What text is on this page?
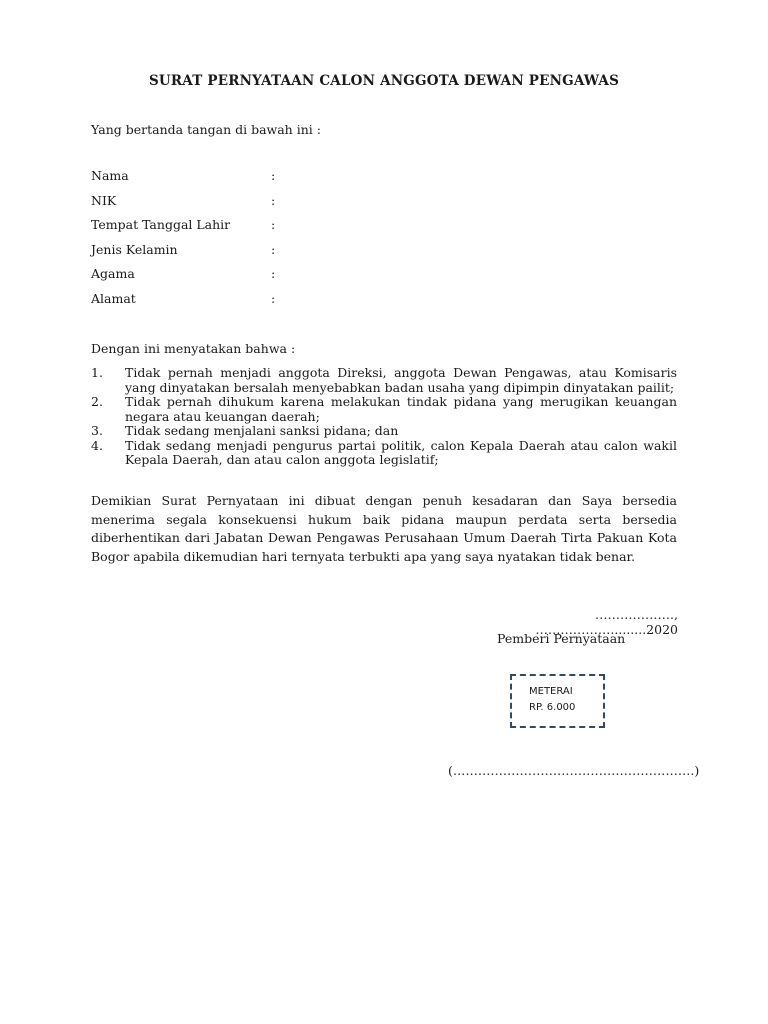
SURAT PERNYATAAN CALON ANGGOTA DEWAN PENGAWAS
Yang bertanda tangan di bawah ini :
Nama	:
NIK	:
Tempat Tanggal Lahir	:
Jenis Kelamin	:
Agama	:
Alamat	:
Dengan ini menyatakan bahwa :
1. Tidak pernah menjadi anggota Direksi, anggota Dewan Pengawas, atau Komisaris yang dinyatakan bersalah menyebabkan badan usaha yang dipimpin dinyatakan pailit;
2. Tidak pernah dihukum karena melakukan tindak pidana yang merugikan keuangan negara atau keuangan daerah;
3. Tidak sedang menjalani sanksi pidana; dan
4. Tidak sedang menjadi pengurus partai politik, calon Kepala Daerah atau calon wakil Kepala Daerah, dan atau calon anggota legislatif;
Demikian Surat Pernyataan ini dibuat dengan penuh kesadaran dan Saya bersedia menerima segala konsekuensi hukum baik pidana maupun perdata serta bersedia diberhentikan dari Jabatan Dewan Pengawas Perusahaan Umum Daerah Tirta Pakuan Kota Bogor apabila dikemudian hari ternyata terbukti apa yang saya nyatakan tidak benar.
………………., ……………….........2020
Pemberi Pernyataan
METERAI
RP. 6.000
(………………………………………………….)
